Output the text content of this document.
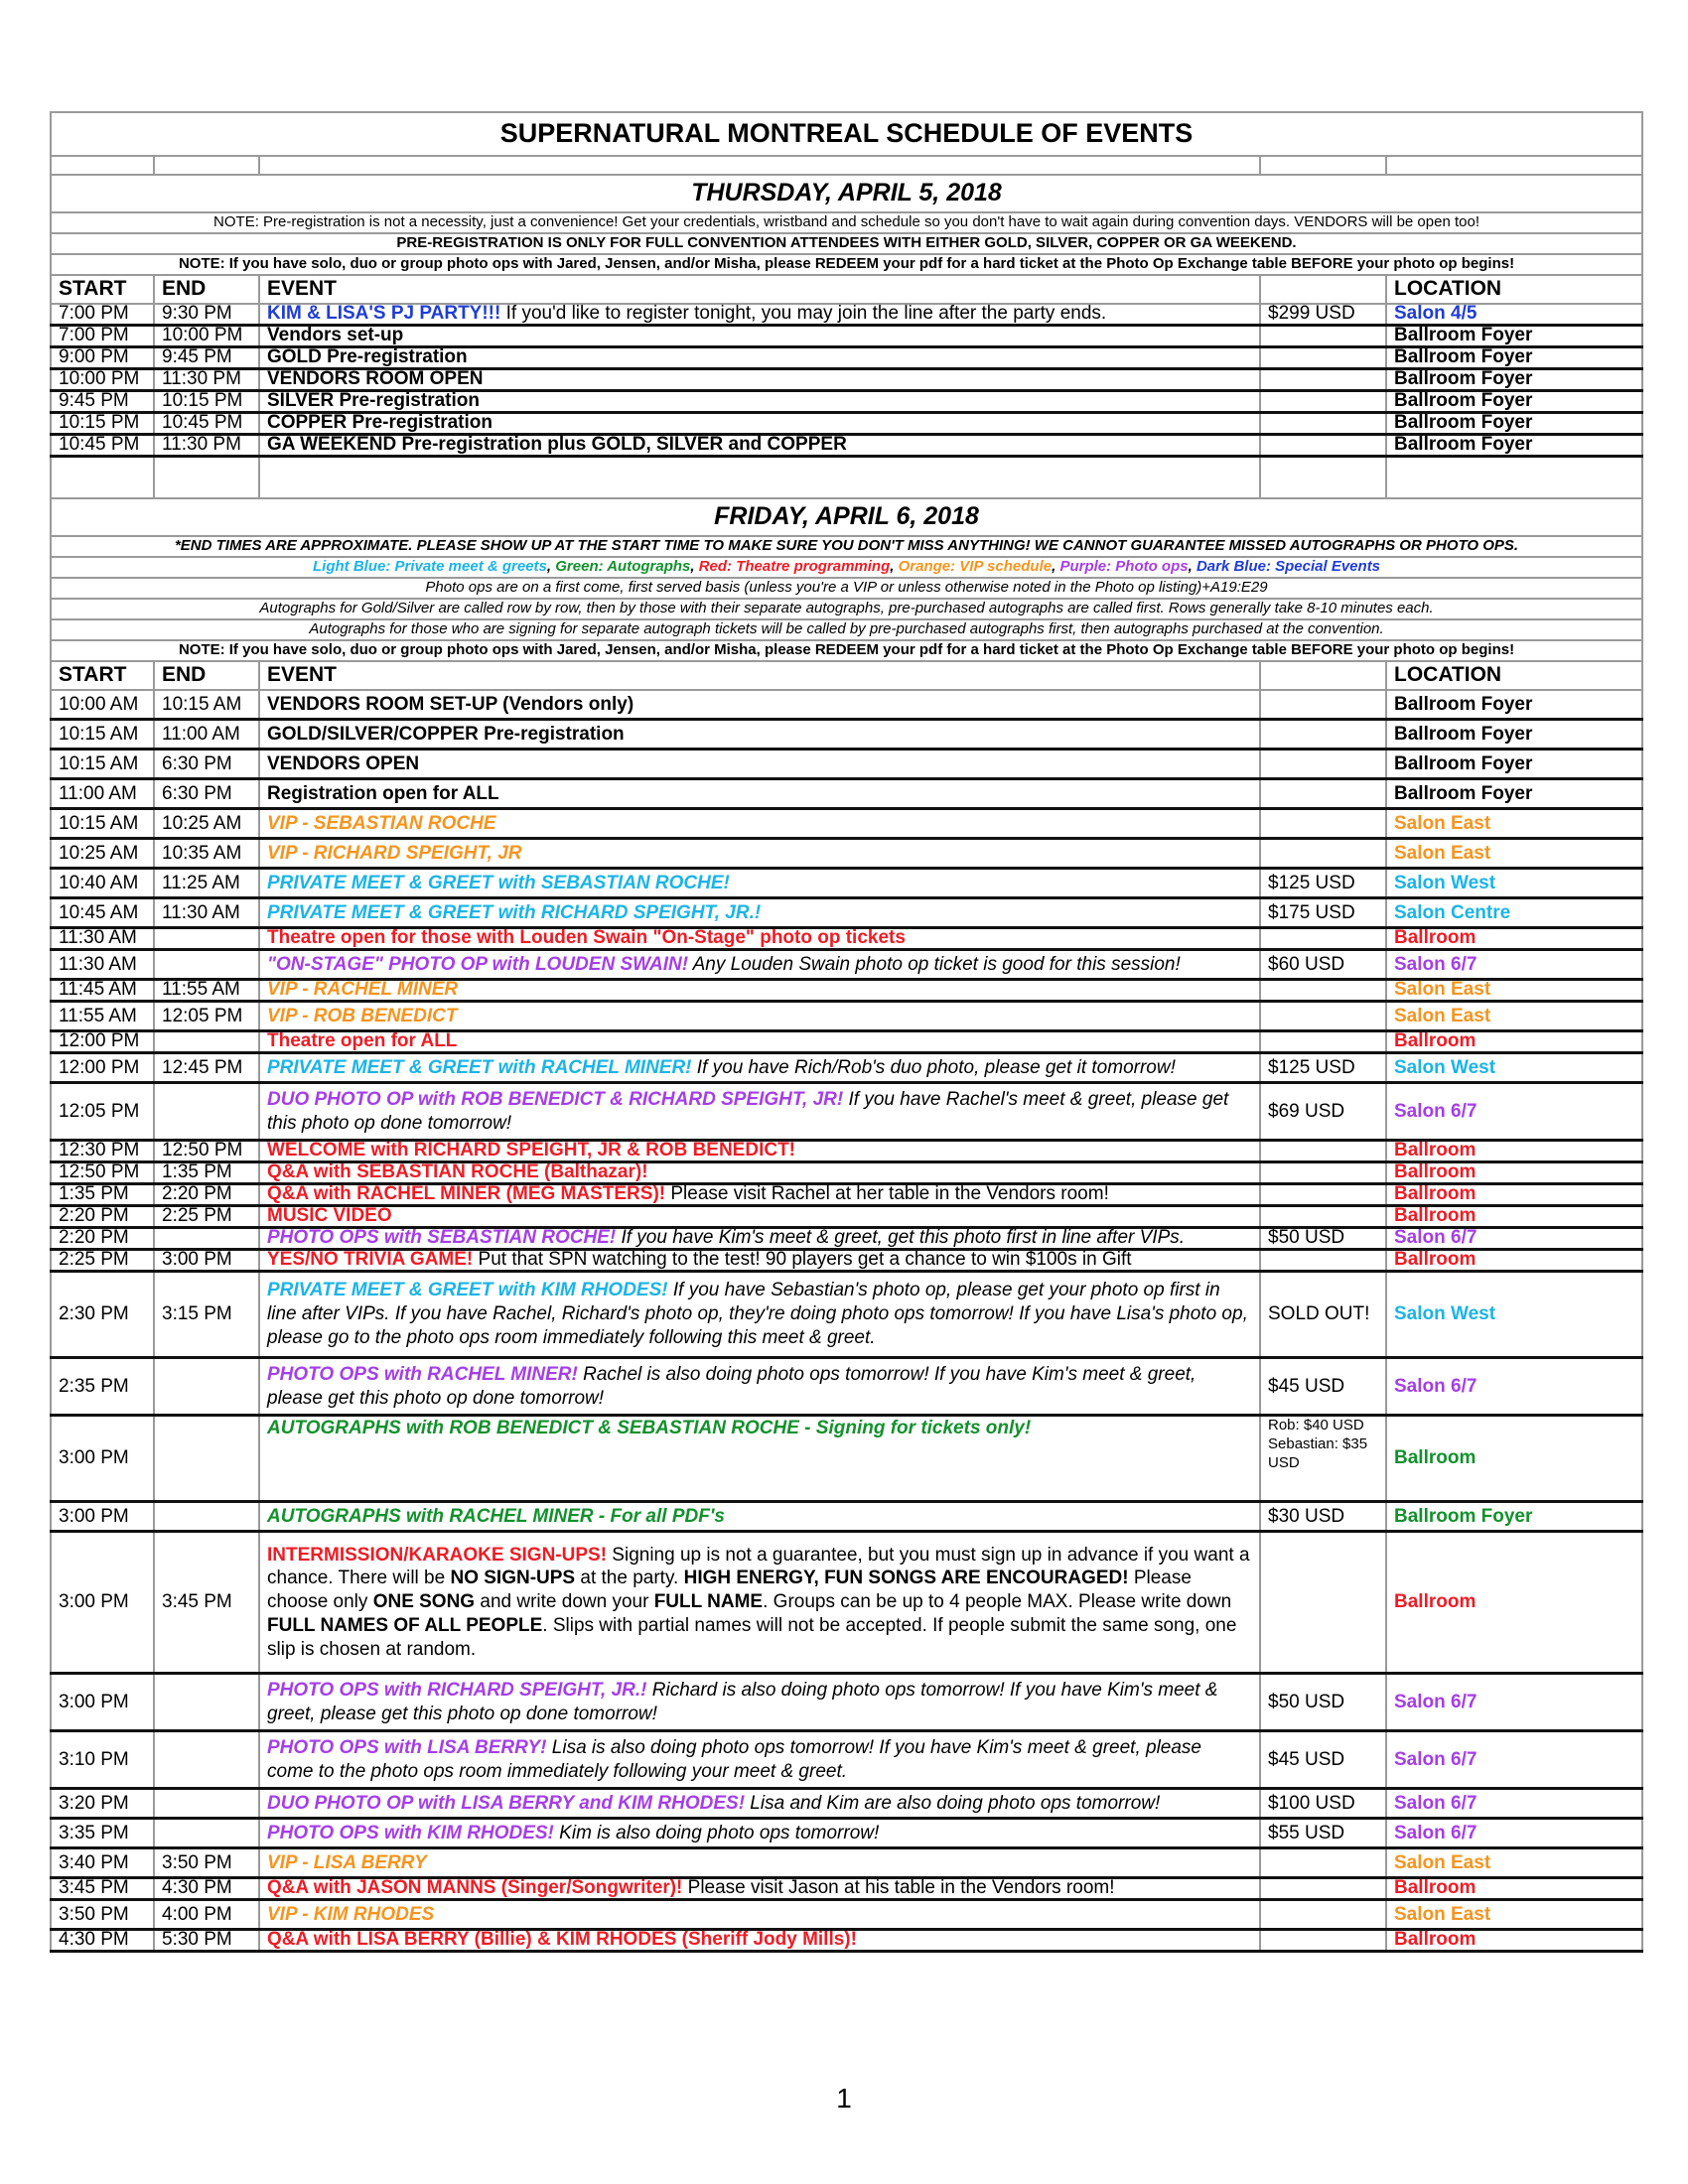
SUPERNATURAL MONTREAL SCHEDULE OF EVENTS				

THURSDAY, APRIL 5, 2018				
NOTE: Pre-registration is not a necessity, just a convenience! Get your credentials, wristband and schedule so you don't have to wait again during convention days. VENDORS will be open too!				
PRE-REGISTRATION IS ONLY FOR FULL CONVENTION ATTENDEES WITH EITHER GOLD, SILVER, COPPER OR GA WEEKEND.				
NOTE: If you have solo, duo or group photo ops with Jared, Jensen, and/or Misha, please REDEEM your pdf for a hard ticket at the Photo Op Exchange table BEFORE your photo op begins!				
START	END	EVENT		LOCATION

7:00 PM	9:30 PM	KIM & LISA'S PJ PARTY!!! If you'd like to register tonight, you may join the line after the party ends.	$299 USD	Salon 4/5

7:00 PM	10:00 PM	Vendors set-up		Ballroom Foyer

9:00 PM	9:45 PM	GOLD Pre-registration		Ballroom Foyer

10:00 PM	11:30 PM	VENDORS ROOM OPEN		Ballroom Foyer

9:45 PM	10:15 PM	SILVER Pre-registration		Ballroom Foyer

10:15 PM	10:45 PM	COPPER Pre-registration		Ballroom Foyer

10:45 PM	11:30 PM	GA WEEKEND Pre-registration plus GOLD, SILVER and COPPER		Ballroom Foyer

FRIDAY, APRIL 6, 2018				
*END TIMES ARE APPROXIMATE. PLEASE SHOW UP AT THE START TIME TO MAKE SURE YOU DON'T MISS ANYTHING! WE CANNOT GUARANTEE MISSED AUTOGRAPHS OR PHOTO OPS.				
Light Blue: Private meet & greets, Green: Autographs, Red: Theatre programming, Orange: VIP schedule, Purple: Photo ops, Dark Blue: Special Events				
Photo ops are on a first come, first served basis (unless you're a VIP or unless otherwise noted in the Photo op listing)+A19:E29				
Autographs for Gold/Silver are called row by row, then by those with their separate autographs, pre-purchased autographs are called first. Rows generally take 8-10 minutes each.				
Autographs for those who are signing for separate autograph tickets will be called by pre-purchased autographs first, then autographs purchased at the convention.				
NOTE: If you have solo, duo or group photo ops with Jared, Jensen, and/or Misha, please REDEEM your pdf for a hard ticket at the Photo Op Exchange table BEFORE your photo op begins!				
START	END	EVENT		LOCATION

10:00 AM	10:15 AM	VENDORS ROOM SET-UP (Vendors only)		Ballroom Foyer

10:15 AM	11:00 AM	GOLD/SILVER/COPPER Pre-registration		Ballroom Foyer

10:15 AM	6:30 PM	VENDORS OPEN		Ballroom Foyer

11:00 AM	6:30 PM	Registration open for ALL		Ballroom Foyer

10:15 AM	10:25 AM	VIP - SEBASTIAN ROCHE		Salon East

10:25 AM	10:35 AM	VIP - RICHARD SPEIGHT, JR		Salon East

10:40 AM	11:25 AM	PRIVATE MEET & GREET with SEBASTIAN ROCHE!	$125 USD	Salon West

10:45 AM	11:30 AM	PRIVATE MEET & GREET with RICHARD SPEIGHT, JR.!	$175 USD	Salon Centre

11:30 AM		Theatre open for those with Louden Swain "On-Stage" photo op tickets		Ballroom

11:30 AM		"ON-STAGE" PHOTO OP with LOUDEN SWAIN! Any Louden Swain photo op ticket is good for this session!	$60 USD	Salon 6/7

11:45 AM	11:55 AM	VIP - RACHEL MINER		Salon East

11:55 AM	12:05 PM	VIP - ROB BENEDICT		Salon East

12:00 PM		Theatre open for ALL		Ballroom

12:00 PM	12:45 PM	PRIVATE MEET & GREET with RACHEL MINER! If you have Rich/Rob's duo photo, please get it tomorrow!	$125 USD	Salon West

12:05 PM		DUO PHOTO OP with ROB BENEDICT & RICHARD SPEIGHT, JR! If you have Rachel's meet & greet, please get this photo op done tomorrow!	$69 USD	Salon 6/7

12:30 PM	12:50 PM	WELCOME with RICHARD SPEIGHT, JR & ROB BENEDICT!		Ballroom

12:50 PM	1:35 PM	Q&A with SEBASTIAN ROCHE (Balthazar)!		Ballroom

1:35 PM	2:20 PM	Q&A with RACHEL MINER (MEG MASTERS)! Please visit Rachel at her table in the Vendors room!		Ballroom

2:20 PM	2:25 PM	MUSIC VIDEO		Ballroom

2:20 PM		PHOTO OPS with SEBASTIAN ROCHE! If you have Kim's meet & greet, get this photo first in line after VIPs.	$50 USD	Salon 6/7

2:25 PM	3:00 PM	YES/NO TRIVIA GAME! Put that SPN watching to the test! 90 players get a chance to win $100s in Gift		Ballroom

2:30 PM	3:15 PM	PRIVATE MEET & GREET with KIM RHODES! If you have Sebastian's photo op, please get your photo op first in line after VIPs. If you have Rachel, Richard's photo op, they're doing photo ops tomorrow! If you have Lisa's photo op, please go to the photo ops room immediately following this meet & greet.	SOLD OUT!	Salon West

2:35 PM		PHOTO OPS with RACHEL MINER! Rachel is also doing photo ops tomorrow! If you have Kim's meet & greet, please get this photo op done tomorrow!	$45 USD	Salon 6/7

3:00 PM		AUTOGRAPHS with ROB BENEDICT & SEBASTIAN ROCHE - Signing for tickets only!	Rob: $40 USD Sebastian: $35 USD	Ballroom

3:00 PM		AUTOGRAPHS with RACHEL MINER - For all PDF's	$30 USD	Ballroom Foyer

3:00 PM	3:45 PM	INTERMISSION/KARAOKE SIGN-UPS! Signing up is not a guarantee, but you must sign up in advance if you want a chance. There will be NO SIGN-UPS at the party. HIGH ENERGY, FUN SONGS ARE ENCOURAGED! Please choose only ONE SONG and write down your FULL NAME. Groups can be up to 4 people MAX. Please write down FULL NAMES OF ALL PEOPLE. Slips with partial names will not be accepted. If people submit the same song, one slip is chosen at random.		Ballroom

3:00 PM		PHOTO OPS with RICHARD SPEIGHT, JR.! Richard is also doing photo ops tomorrow! If you have Kim's meet & greet, please get this photo op done tomorrow!	$50 USD	Salon 6/7

3:10 PM		PHOTO OPS with LISA BERRY! Lisa is also doing photo ops tomorrow! If you have Kim's meet & greet, please come to the photo ops room immediately following your meet & greet.	$45 USD	Salon 6/7

3:20 PM		DUO PHOTO OP with LISA BERRY and KIM RHODES! Lisa and Kim are also doing photo ops tomorrow!	$100 USD	Salon 6/7

3:35 PM		PHOTO OPS with KIM RHODES! Kim is also doing photo ops tomorrow!	$55 USD	Salon 6/7

3:40 PM	3:50 PM	VIP - LISA BERRY		Salon East

3:45 PM	4:30 PM	Q&A with JASON MANNS (Singer/Songwriter)! Please visit Jason at his table in the Vendors room!		Ballroom

3:50 PM	4:00 PM	VIP - KIM RHODES		Salon East

4:30 PM	5:30 PM	Q&A with LISA BERRY (Billie) & KIM RHODES (Sheriff Jody Mills)!		Ballroom
1
